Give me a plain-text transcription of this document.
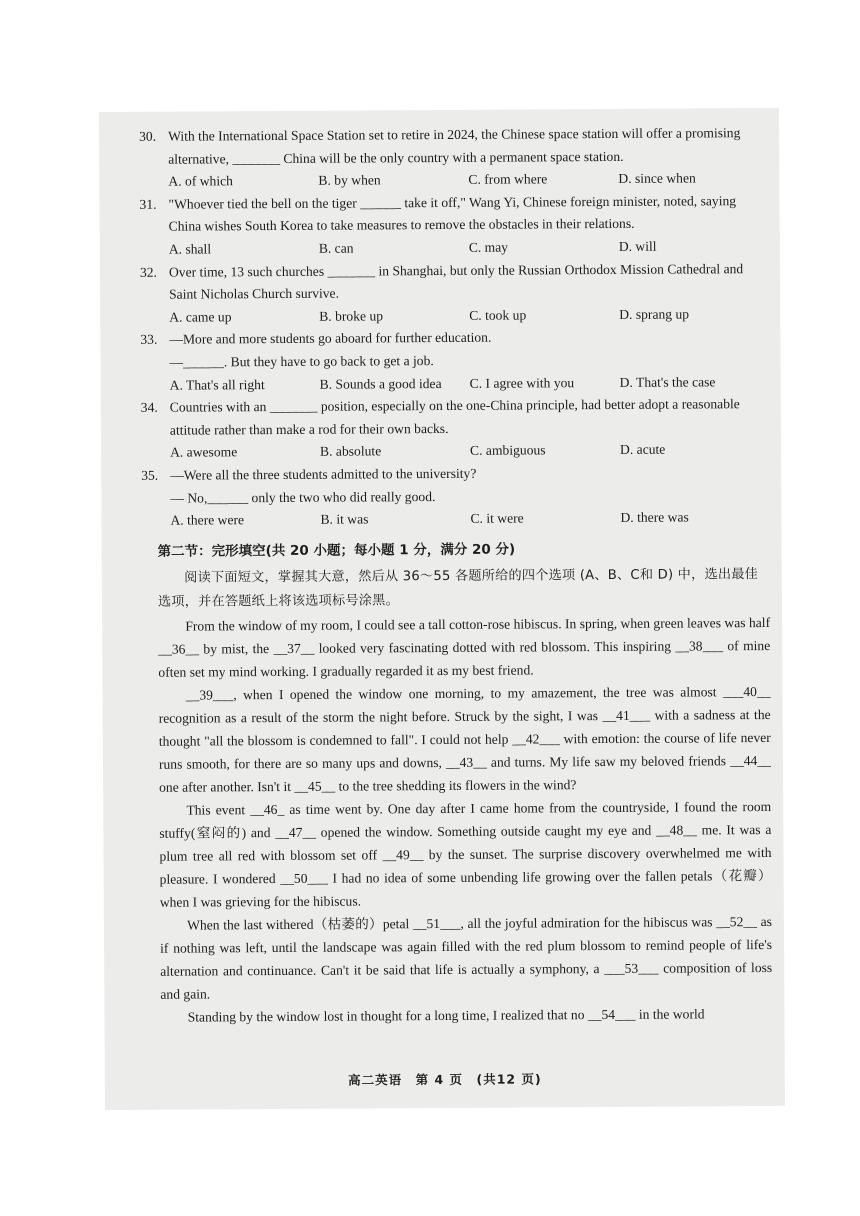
30. With the International Space Station set to retire in 2024, the Chinese space station will offer a promising alternative, _______ China will be the only country with a permanent space station.
A. of which	B. by when	C. from where	D. since when
31. "Whoever tied the bell on the tiger ______ take it off," Wang Yi, Chinese foreign minister, noted, saying China wishes South Korea to take measures to remove the obstacles in their relations.
A. shall	B. can	C. may	D. will
32. Over time, 13 such churches _______ in Shanghai, but only the Russian Orthodox Mission Cathedral and Saint Nicholas Church survive.
A. came up	B. broke up	C. took up	D. sprang up
33. —More and more students go aboard for further education.
—______. But they have to go back to get a job.
A. That's all right	B. Sounds a good idea	C. I agree with you	D. That's the case
34. Countries with an _______ position, especially on the one-China principle, had better adopt a reasonable attitude rather than make a rod for their own backs.
A. awesome	B. absolute	C. ambiguous	D. acute
35. —Were all the three students admitted to the university?
— No,______ only the two who did really good.
A. there were	B. it was	C. it were	D. there was
第二节：完形填空(共 20 小题；每小题 1 分，满分 20 分)
阅读下面短文，掌握其大意，然后从 36～55 各题所给的四个选项 (A、B、C和 D) 中，选出最佳选项，并在答题纸上将该选项标号涂黑。
From the window of my room, I could see a tall cotton-rose hibiscus. In spring, when green leaves was half __36__ by mist, the __37__ looked very fascinating dotted with red blossom. This inspiring __38___ of mine often set my mind working. I gradually regarded it as my best friend.
__39___, when I opened the window one morning, to my amazement, the tree was almost ___40__ recognition as a result of the storm the night before. Struck by the sight, I was __41___ with a sadness at the thought "all the blossom is condemned to fall". I could not help __42___ with emotion: the course of life never runs smooth, for there are so many ups and downs, __43__ and turns. My life saw my beloved friends __44__ one after another. Isn't it __45__ to the tree shedding its flowers in the wind?
This event __46_ as time went by. One day after I came home from the countryside, I found the room stuffy(窒闷的) and __47__ opened the window. Something outside caught my eye and __48__ me. It was a plum tree all red with blossom set off __49__ by the sunset. The surprise discovery overwhelmed me with pleasure. I wondered __50___ I had no idea of some unbending life growing over the fallen petals（花瓣） when I was grieving for the hibiscus.
When the last withered（枯萎的）petal __51___, all the joyful admiration for the hibiscus was __52__ as if nothing was left, until the landscape was again filled with the red plum blossom to remind people of life's alternation and continuance. Can't it be said that life is actually a symphony, a ___53___ composition of loss and gain.
Standing by the window lost in thought for a long time, I realized that no __54___ in the world
高二英语　第 4 页　(共12 页)
